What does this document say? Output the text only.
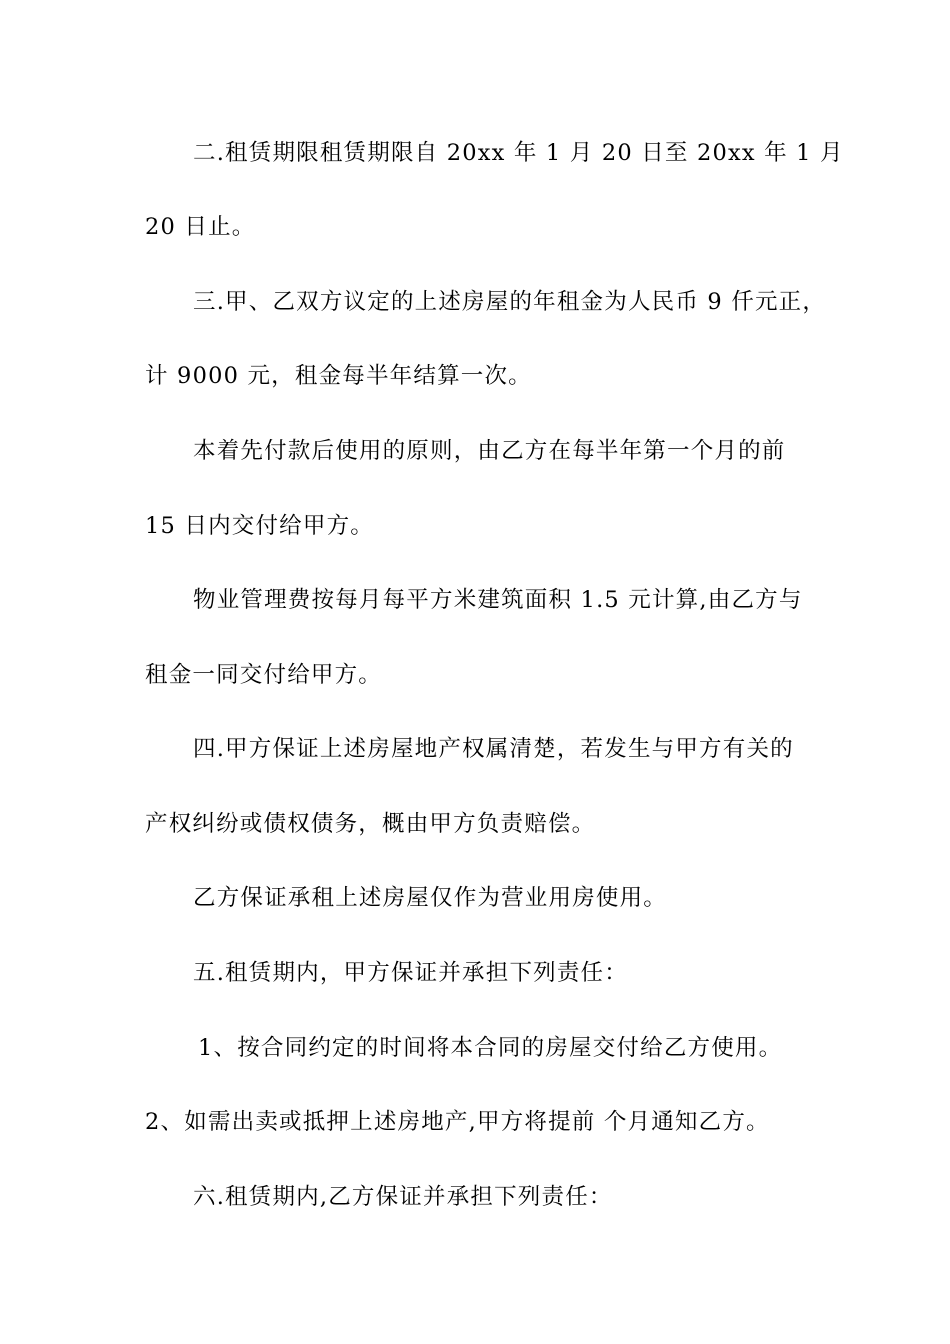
二.租赁期限租赁期限自 20xx 年 1 月 20 日至 20xx 年 1 月
20 日止。
三.甲、乙双方议定的上述房屋的年租金为人民币 9 仟元正，
计 9000 元，租金每半年结算一次。
本着先付款后使用的原则，由乙方在每半年第一个月的前
15 日内交付给甲方。
物业管理费按每月每平方米建筑面积 1.5 元计算,由乙方与
租金一同交付给甲方。
四.甲方保证上述房屋地产权属清楚，若发生与甲方有关的
产权纠纷或债权债务，概由甲方负责赔偿。
乙方保证承租上述房屋仅作为营业用房使用。
五.租赁期内，甲方保证并承担下列责任：
1、按合同约定的时间将本合同的房屋交付给乙方使用。
2、如需出卖或抵押上述房地产,甲方将提前 个月通知乙方。
六.租赁期内,乙方保证并承担下列责任：
